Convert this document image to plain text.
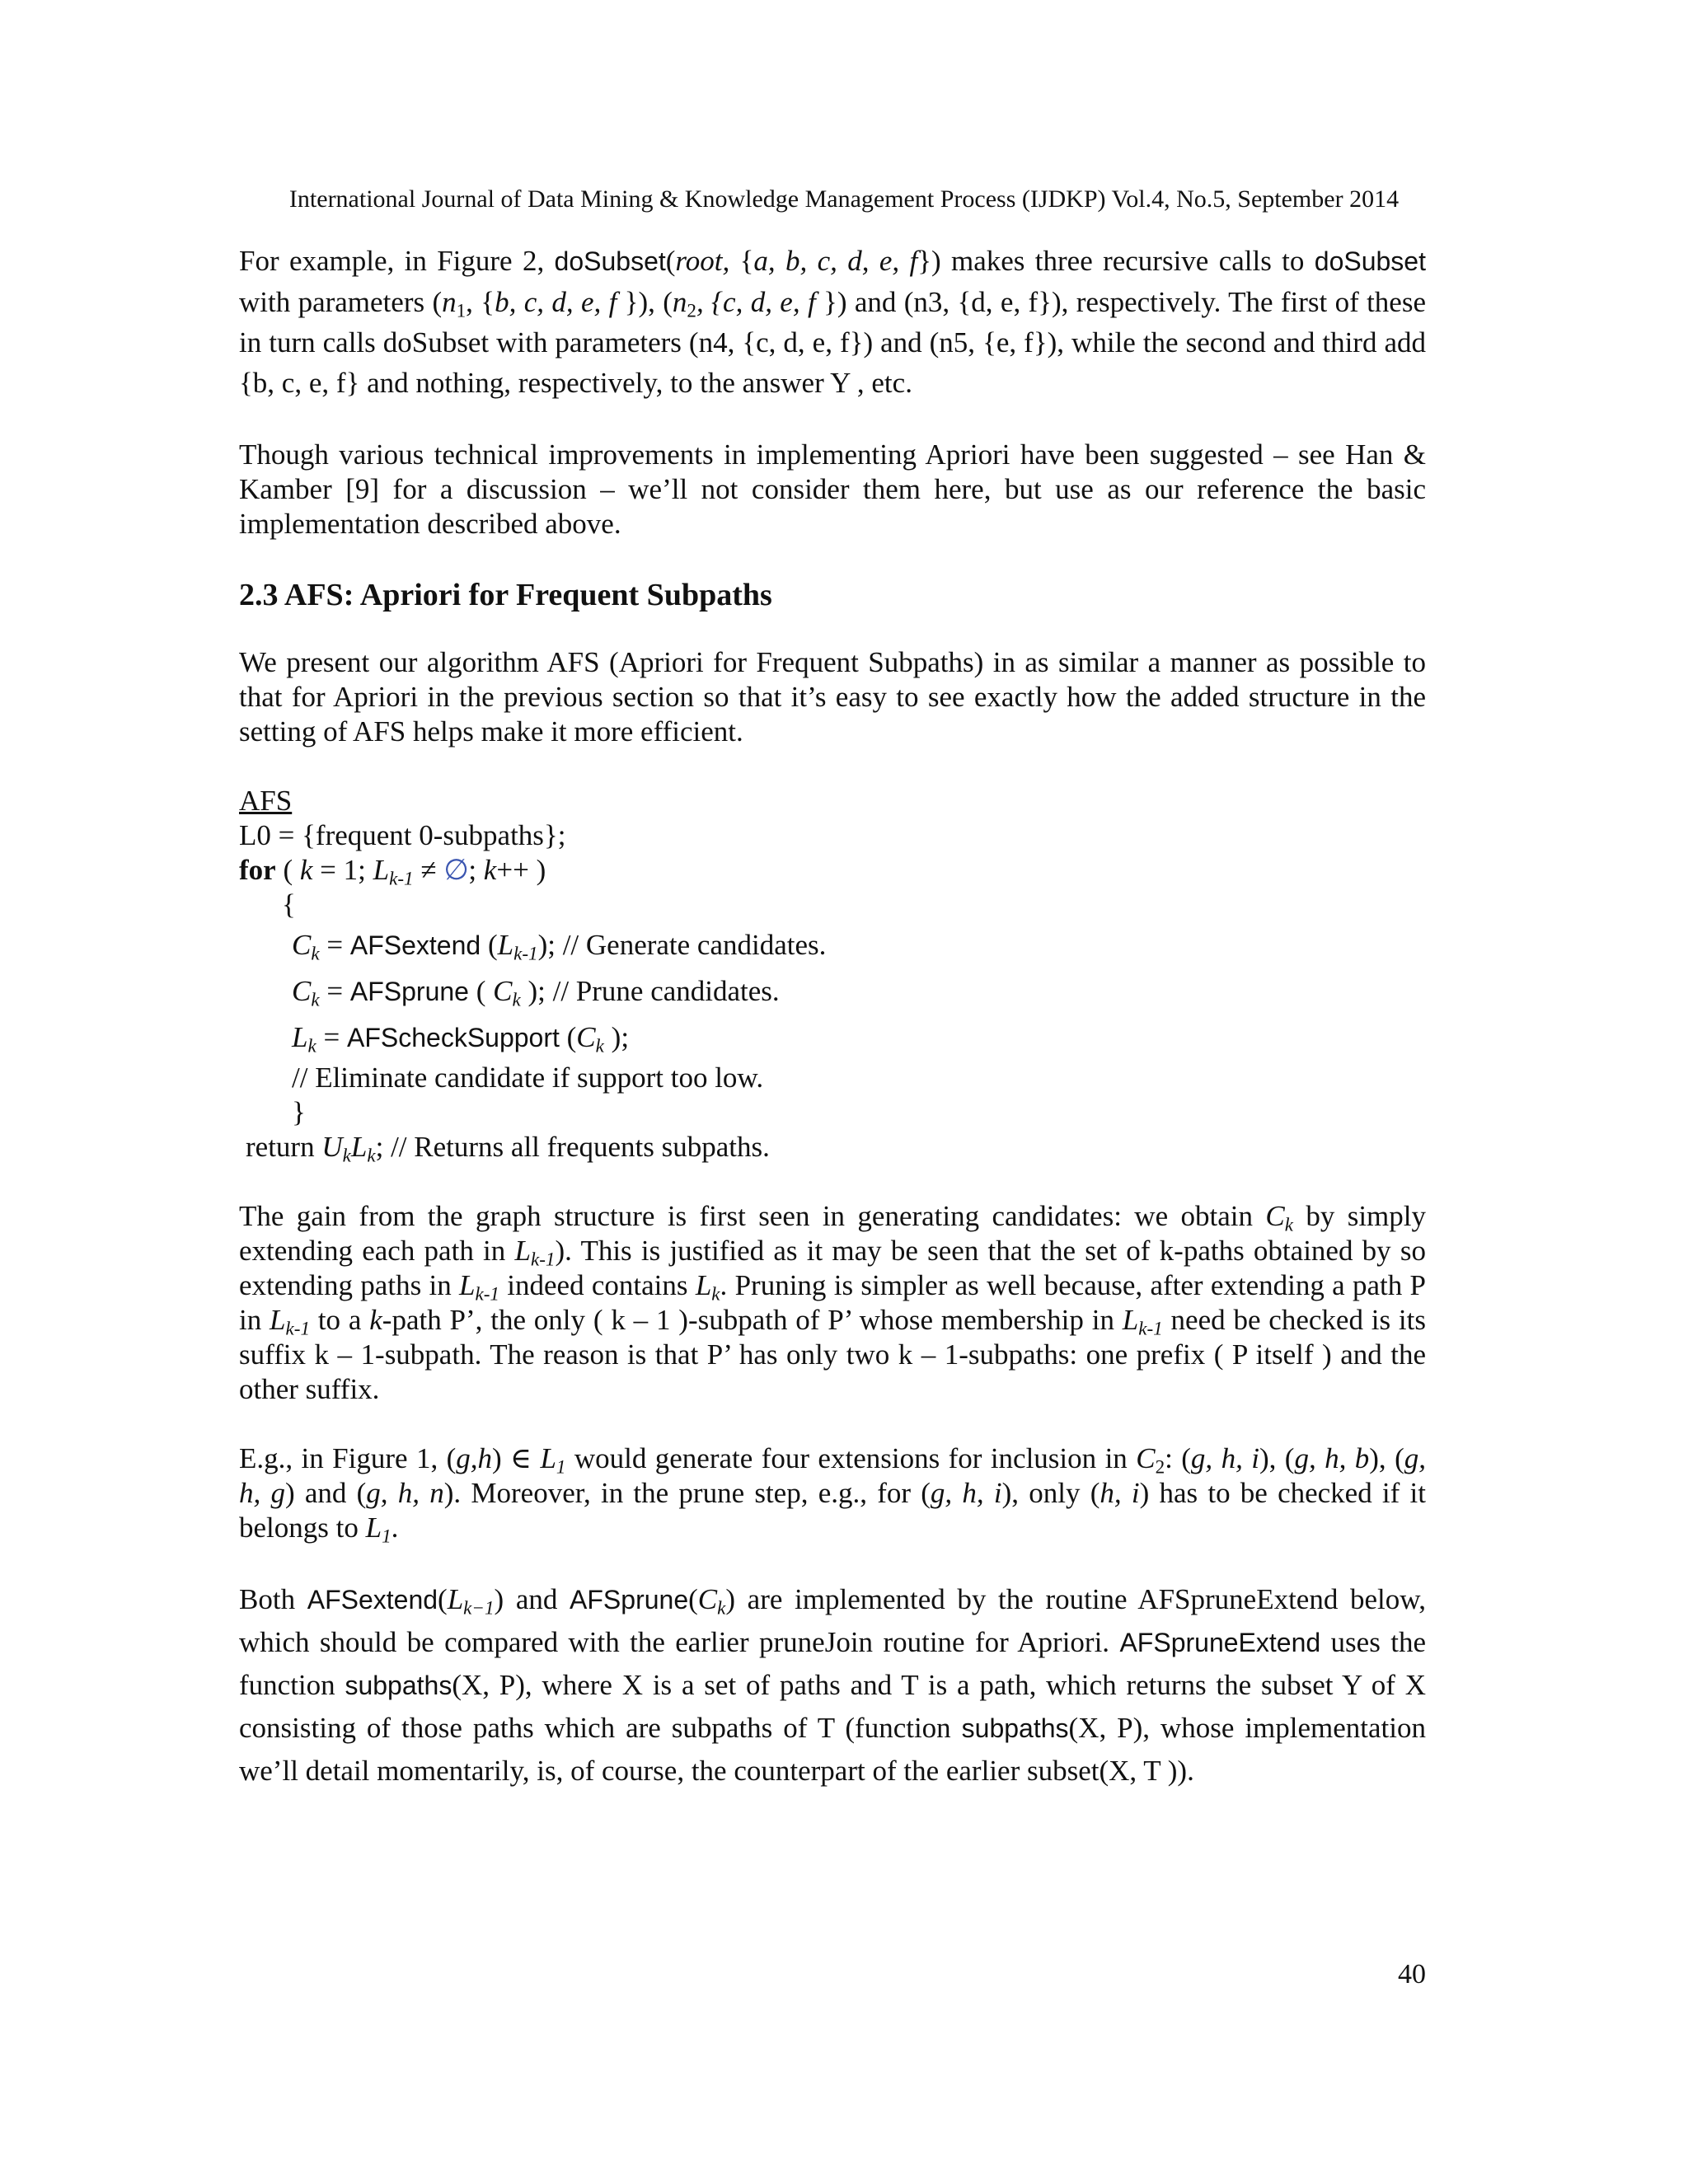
International Journal of Data Mining & Knowledge Management Process (IJDKP) Vol.4, No.5, September 2014

For example, in Figure 2, doSubset(root, {a, b, c, d, e, f}) makes three recursive calls to doSubset with parameters ($n_1$, {b, c, d, e, f }), ($n_2$, {c, d, e, f }) and (n3, {d, e, f}), respectively. The first of these in turn calls doSubset with parameters (n4, {c, d, e, f}) and (n5, {e, f}), while the second and third add {b, c, e, f} and nothing, respectively, to the answer Y , etc.

Though various technical improvements in implementing Apriori have been suggested – see Han & Kamber [9] for a discussion – we’ll not consider them here, but use as our reference the basic implementation described above.

2.3 AFS: Apriori for Frequent Subpaths

We present our algorithm AFS (Apriori for Frequent Subpaths) in as similar a manner as possible to that for Apriori in the previous section so that it’s easy to see exactly how the added structure in the setting of AFS helps make it more efficient.

AFS
L0 = {frequent 0-subpaths};
for ( k = 1; $L_{k-1}$ ≠ ∅; k++ )
{
$C_k$ = AFSextend $(L_{k-1})$; // Generate candidates.
$C_k$ = AFSprune ( $C_k$ ); // Prune candidates.
$L_k$ = AFScheckSupport ($C_k$ );
// Eliminate candidate if support too low.
}
return $U_kL_k$; // Returns all frequents subpaths.

The gain from the graph structure is first seen in generating candidates: we obtain $C_k$ by simply extending each path in $L_{k-1}$). This is justified as it may be seen that the set of k-paths obtained by so extending paths in $L_{k-1}$ indeed contains $L_k$. Pruning is simpler as well because, after extending a path P in $L_{k-1}$ to a k-path P’, the only ( k – 1 )-subpath of P’ whose membership in $L_{k-1}$ need be checked is its suffix k – 1-subpath. The reason is that P’ has only two k – 1-subpaths: one prefix ( P itself ) and the other suffix.

E.g., in Figure 1, (g,h) ∈ $L_1$ would generate four extensions for inclusion in $C_2$: (g, h, i), (g, h, b), (g, h, g) and (g, h, n). Moreover, in the prune step, e.g., for (g, h, i), only (h, i) has to be checked if it belongs to $L_1$.

Both $AFSextend(L_{k-1})$ and $AFSprune(C_k)$ are implemented by the routine AFSpruneExtend below, which should be compared with the earlier pruneJoin routine for Apriori. AFSpruneExtend uses the function subpaths(X, P), where X is a set of paths and T is a path, which returns the subset Y of X consisting of those paths which are subpaths of T (function subpaths(X, P), whose implementation we’ll detail momentarily, is, of course, the counterpart of the earlier subset(X, T )).

40
